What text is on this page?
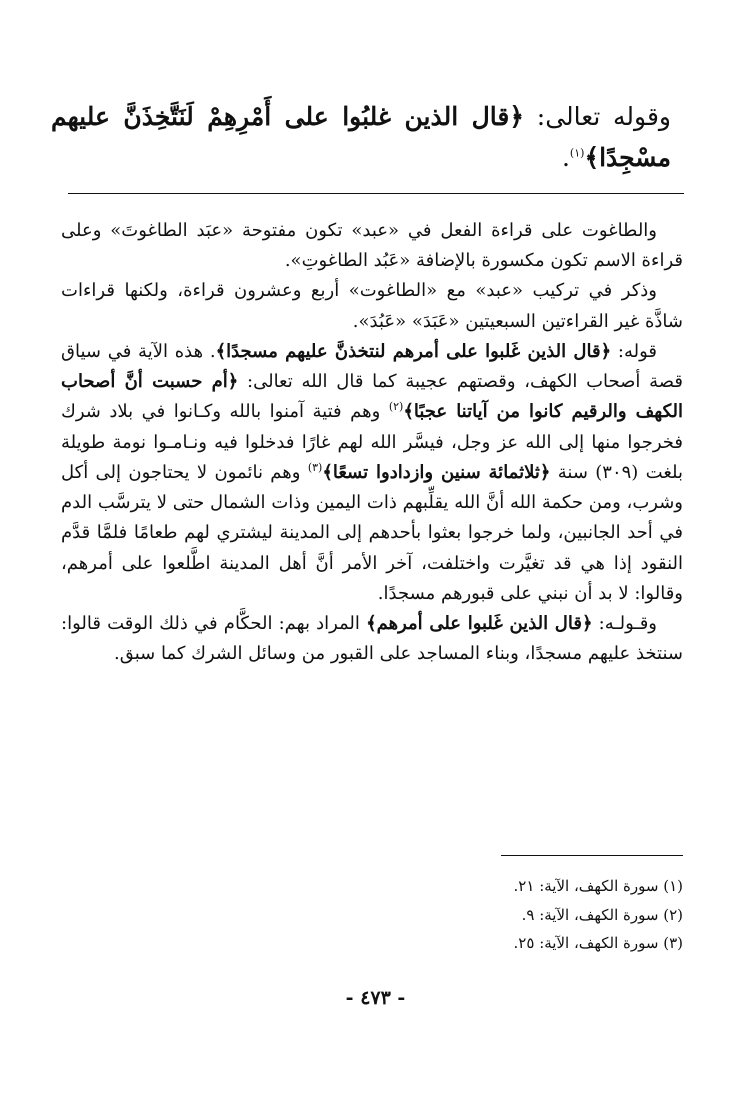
وقوله تعالى: ﴿قال الذين غلبُوا على أَمْرِهِمْ لَنَتَّخِذَنَّ عليهم مسْجِدًا﴾$^{(١)}$.

والطاغوت على قراءة الفعل في «عبد» تكون مفتوحة «عبَد الطاغوتَ» وعلى قراءة الاسم تكون مكسورة بالإضافة «عَبُد الطاغوتِ».

وذكر في تركيب «عبد» مع «الطاغوت» أربع وعشرون قراءة، ولكنها قراءات شاذَّة غير القراءتين السبعيتين «عَبَدَ» «عَبُدَ».

قوله: ﴿قال الذين غَلبوا على أمرهم لنتخذنَّ عليهم مسجدًا﴾. هذه الآية في سياق قصة أصحاب الكهف، وقصتهم عجيبة كما قال الله تعالى: ﴿أم حسبت أنَّ أصحاب الكهف والرقيم كانوا من آياتنا عجبًا﴾$^{(٢)}$ وهم فتية آمنوا بالله وكـانوا في بلاد شرك فخرجوا منها إلى الله عز وجل، فيسَّر الله لهم غارًا فدخلوا فيه ونـامـوا نومة طويلة بلغت (٣٠٩) سنة ﴿ثلاثمائة سنين وازدادوا تسعًا﴾$^{(٣)}$ وهم نائمون لا يحتاجون إلى أكل وشرب، ومن حكمة الله أنَّ الله يقلِّبهم ذات اليمين وذات الشمال حتى لا يترسَّب الدم في أحد الجانبين، ولما خرجوا بعثوا بأحدهم إلى المدينة ليشتري لهم طعامًا فلمَّا قدَّم النقود إذا هي قد تغيَّرت واختلفت، آخر الأمر أنَّ أهل المدينة اطَّلعوا على أمرهم، وقالوا: لا بد أن نبني على قبورهم مسجدًا.

وقـولـه: ﴿قال الذين غَلبوا على أمرهم﴾ المراد بهم: الحكَّام في ذلك الوقت قالوا: سنتخذ عليهم مسجدًا، وبناء المساجد على القبور من وسائل الشرك كما سبق.

(١) سورة الكهف، الآية: ٢١.
(٢) سورة الكهف، الآية: ٩.
(٣) سورة الكهف، الآية: ٢٥.
- ٤٧٣ -
